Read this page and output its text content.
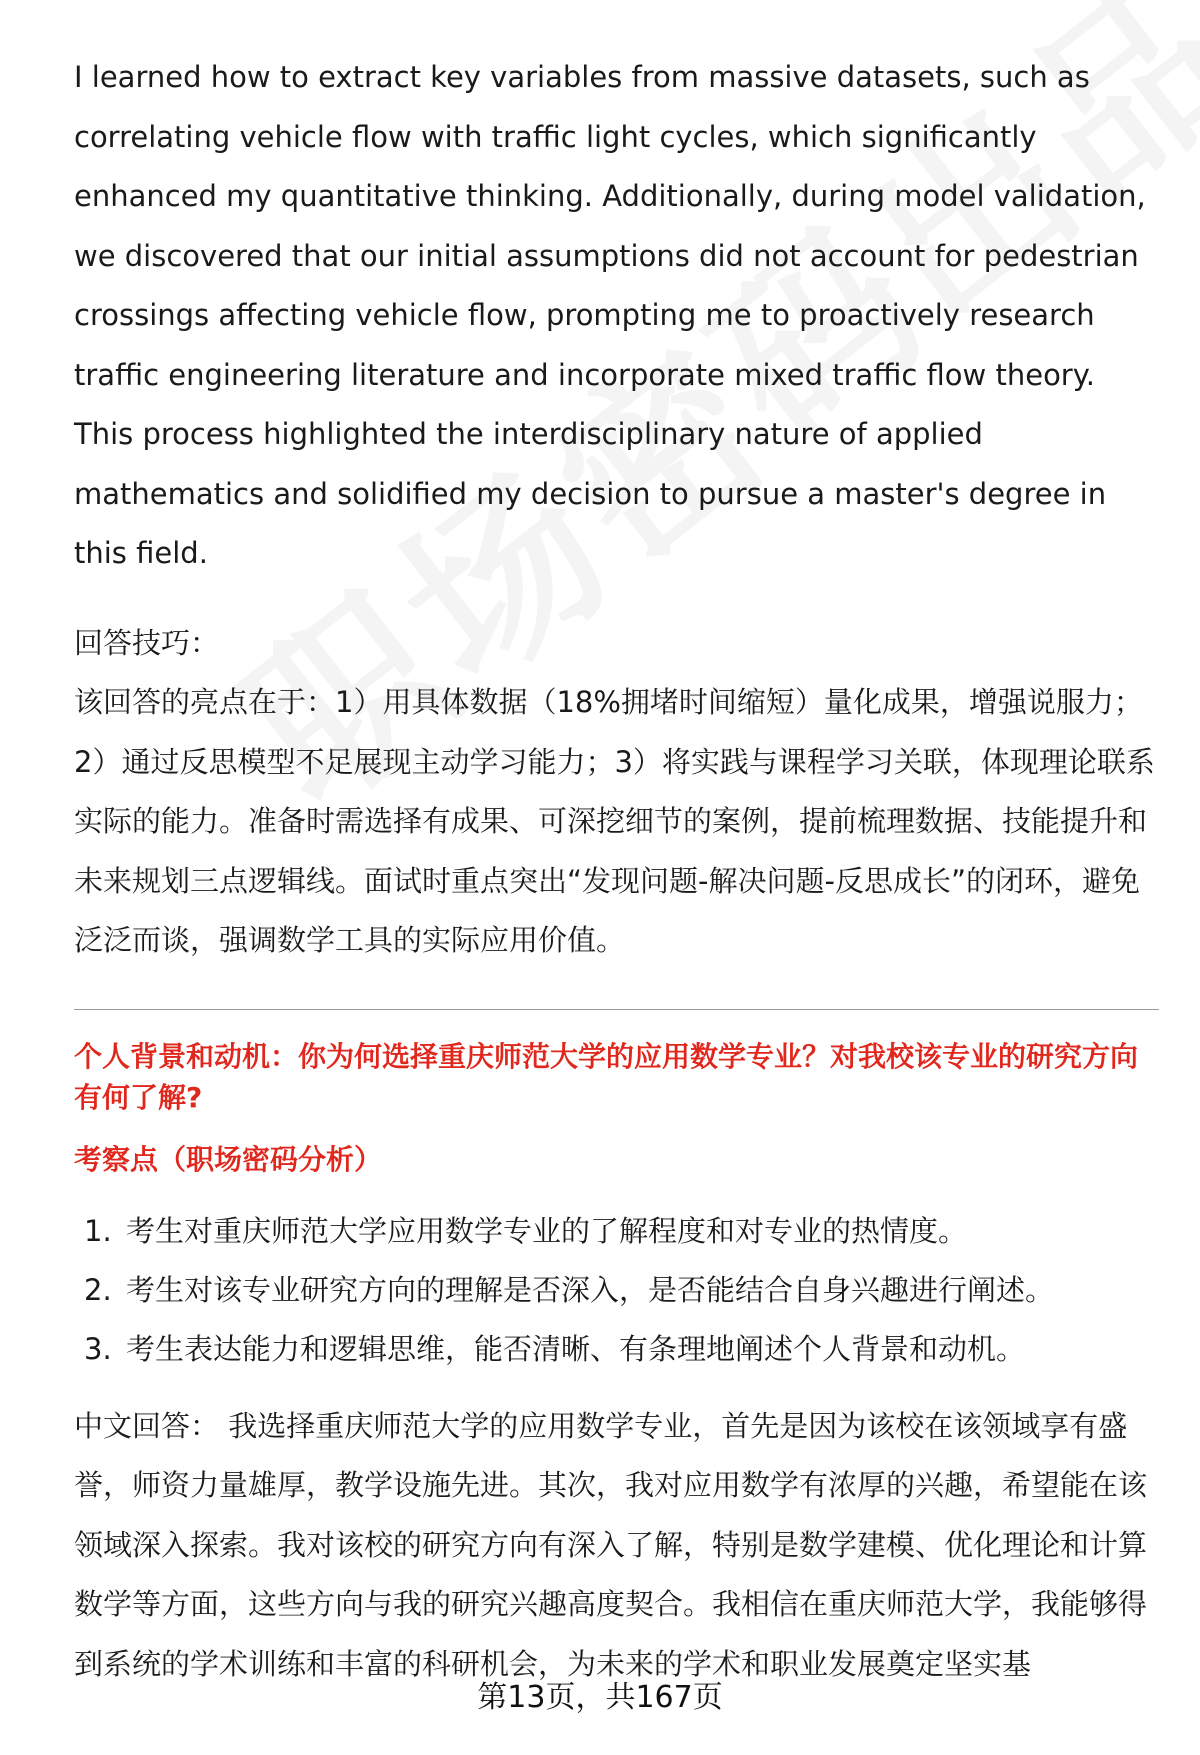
I learned how to extract key variables from massive datasets, such as correlating vehicle flow with traffic light cycles, which significantly enhanced my quantitative thinking. Additionally, during model validation, we discovered that our initial assumptions did not account for pedestrian crossings affecting vehicle flow, prompting me to proactively research traffic engineering literature and incorporate mixed traffic flow theory. This process highlighted the interdisciplinary nature of applied mathematics and solidified my decision to pursue a master's degree in this field.

回答技巧：
该回答的亮点在于：1）用具体数据（18%拥堵时间缩短）量化成果，增强说服力；2）通过反思模型不足展现主动学习能力；3）将实践与课程学习关联，体现理论联系实际的能力。准备时需选择有成果、可深挖细节的案例，提前梳理数据、技能提升和未来规划三点逻辑线。面试时重点突出“发现问题-解决问题-反思成长”的闭环，避免泛泛而谈，强调数学工具的实际应用价值。
个人背景和动机：你为何选择重庆师范大学的应用数学专业？对我校该专业的研究方向有何了解?
考察点（职场密码分析）
1. 考生对重庆师范大学应用数学专业的了解程度和对专业的热情度。
2. 考生对该专业研究方向的理解是否深入，是否能结合自身兴趣进行阐述。
3. 考生表达能力和逻辑思维，能否清晰、有条理地阐述个人背景和动机。
中文回答： 我选择重庆师范大学的应用数学专业，首先是因为该校在该领域享有盛誉，师资力量雄厚，教学设施先进。其次，我对应用数学有浓厚的兴趣，希望能在该领域深入探索。我对该校的研究方向有深入了解，特别是数学建模、优化理论和计算数学等方面，这些方向与我的研究兴趣高度契合。我相信在重庆师范大学，我能够得到系统的学术训练和丰富的科研机会，为未来的学术和职业发展奠定坚实基
第13页，共167页
